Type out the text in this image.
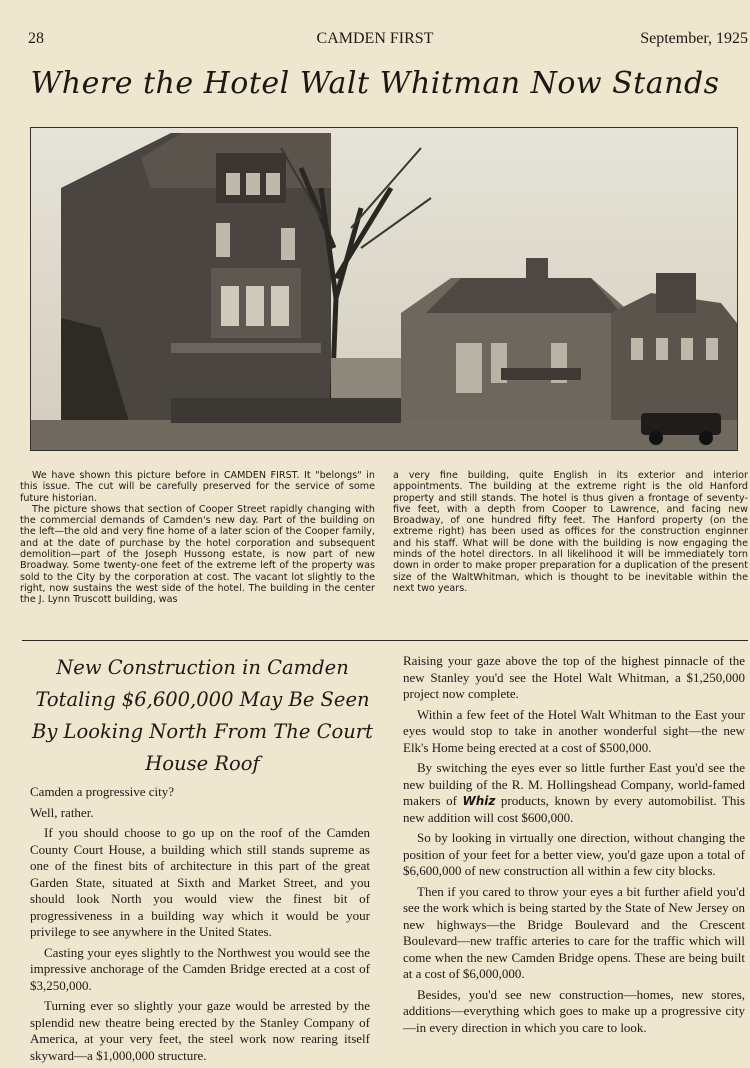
28	CAMDEN FIRST	September, 1925
Where the Hotel Walt Whitman Now Stands

We have shown this picture before in CAMDEN FIRST. It "belongs" in this issue. The cut will be carefully preserved for the service of some future historian.

The picture shows that section of Cooper Street rapidly changing with the commercial demands of Camden's new day. Part of the building on the left—the old and very fine home of a later scion of the Cooper family, and at the date of purchase by the hotel corporation and subsequent demolition—part of the Joseph Hussong estate, is now part of new Broadway. Some twenty-one feet of the extreme left of the property was sold to the City by the corporation at cost. The vacant lot slightly to the right, now sustains the west side of the hotel. The building in the center the J. Lynn Truscott building, was

a very fine building, quite English in its exterior and interior appointments. The building at the extreme right is the old Hanford property and still stands. The hotel is thus given a frontage of seventy-five feet, with a depth from Cooper to Lawrence, and facing new Broadway, of one hundred fifty feet. The Hanford property (on the extreme right) has been used as offices for the construction enginner and his staff. What will be done with the building is now engaging the minds of the hotel directors. In all likelihood it will be immediately torn down in order to make proper preparation for a duplication of the present size of the WaltWhitman, which is thought to be inevitable within the next two years.

New Construction in Camden Totaling $6,600,000 May Be Seen By Looking North From The Court House Roof

Camden a progressive city?

Well, rather.

If you should choose to go up on the roof of the Camden County Court House, a building which still stands supreme as one of the finest bits of architecture in this part of the great Garden State, situated at Sixth and Market Street, and you should look North you would view the finest bit of progressiveness in a building way which it would be your privilege to see anywhere in the United States.

Casting your eyes slightly to the Northwest you would see the impressive anchorage of the Camden Bridge erected at a cost of $3,250,000.

Turning ever so slightly your gaze would be arrested by the splendid new theatre being erected by the Stanley Company of America, at your very feet, the steel work now rearing itself skyward—a $1,000,000 structure.

Raising your gaze above the top of the highest pinnacle of the new Stanley you'd see the Hotel Walt Whitman, a $1,250,000 project now complete.

Within a few feet of the Hotel Walt Whitman to the East your eyes would stop to take in another wonderful sight—the new Elk's Home being erected at a cost of $500,000.

By switching the eyes ever so little further East you'd see the new building of the R. M. Hollingshead Company, world-famed makers of Whiz products, known by every automobilist. This new addition will cost $600,000.

So by looking in virtually one direction, without changing the position of your feet for a better view, you'd gaze upon a total of $6,600,000 of new construction all within a few city blocks.

Then if you cared to throw your eyes a bit further afield you'd see the work which is being started by the State of New Jersey on new highways—the Bridge Boulevard and the Crescent Boulevard—new traffic arteries to care for the traffic which will come when the new Camden Bridge opens. These are being built at a cost of $6,000,000.

Besides, you'd see new construction—homes, new stores, additions—everything which goes to make up a progressive city—in every direction in which you care to look.
